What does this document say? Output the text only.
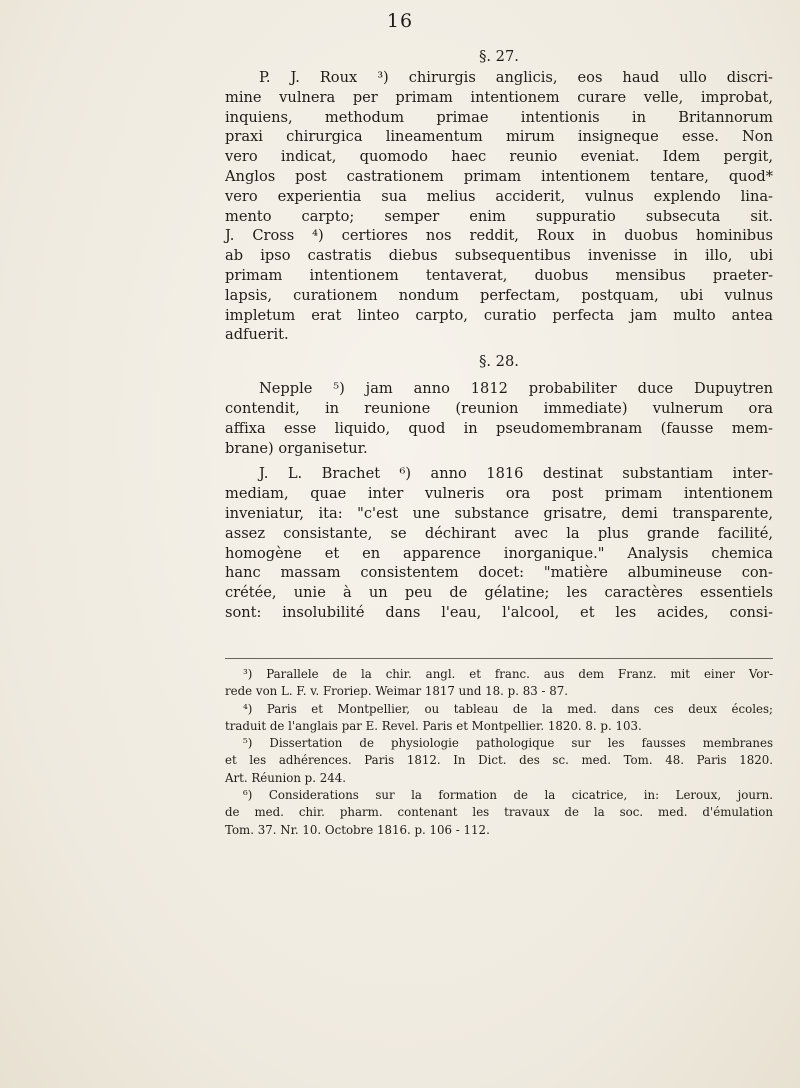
16
§. 27.
P. J. Roux ³) chirurgis anglicis, eos haud ullo discri-
mine vulnera per primam intentionem curare velle, improbat,
inquiens, methodum primae intentionis in Britannorum
praxi chirurgica lineamentum mirum insigneque esse. Non
vero indicat, quomodo haec reunio eveniat. Idem pergit,
Anglos post castrationem primam intentionem tentare, quod*
vero experientia sua melius acciderit, vulnus explendo lina-
mento carpto; semper enim suppuratio subsecuta sit.
J. Cross ⁴) certiores nos reddit, Roux in duobus hominibus
ab ipso castratis diebus subsequentibus invenisse in illo, ubi
primam intentionem tentaverat, duobus mensibus praeter-
lapsis, curationem nondum perfectam, postquam, ubi vulnus
impletum erat linteo carpto, curatio perfecta jam multo antea
adfuerit.
§. 28.
Nepple ⁵) jam anno 1812 probabiliter duce Dupuytren
contendit, in reunione (reunion immediate) vulnerum ora
affixa esse liquido, quod in pseudomembranam (fausse mem-
brane) organisetur.
J. L. Brachet ⁶) anno 1816 destinat substantiam inter-
mediam, quae inter vulneris ora post primam intentionem
inveniatur, ita: "c'est une substance grisatre, demi transparente,
assez consistante, se déchirant avec la plus grande facilité,
homogène et en apparence inorganique." Analysis chemica
hanc massam consistentem docet: "matière albumineuse con-
crétée, unie à un peu de gélatine; les caractères essentiels
sont: insolubilité dans l'eau, l'alcool, et les acides, consi-
³) Parallele de la chir. angl. et franc. aus dem Franz. mit einer Vor-
rede von L. F. v. Froriep. Weimar 1817 und 18. p. 83 - 87.
⁴) Paris et Montpellier, ou tableau de la med. dans ces deux écoles;
traduit de l'anglais par E. Revel. Paris et Montpellier. 1820. 8. p. 103.
⁵) Dissertation de physiologie pathologique sur les fausses membranes
et les adhérences. Paris 1812. In Dict. des sc. med. Tom. 48. Paris 1820.
Art. Réunion p. 244.
⁶) Considerations sur la formation de la cicatrice, in: Leroux, journ.
de med. chir. pharm. contenant les travaux de la soc. med. d'émulation
Tom. 37. Nr. 10. Octobre 1816. p. 106 - 112.
